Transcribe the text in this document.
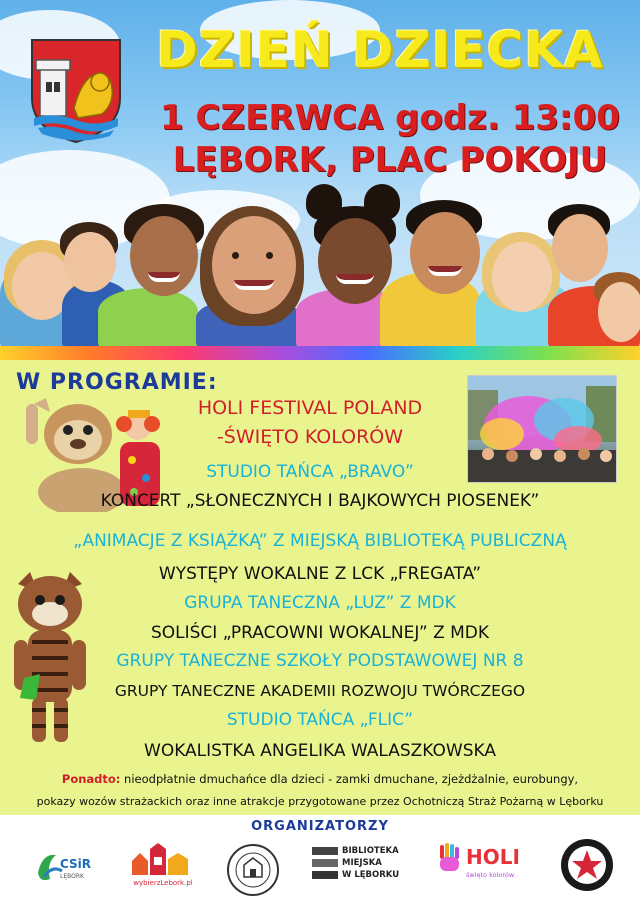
DZIEŃ DZIECKA
1 CZERWCA godz. 13:00
LĘBORK, PLAC POKOJU
W PROGRAMIE:
HOLI FESTIVAL POLAND
-ŚWIĘTO KOLORÓW
STUDIO TAŃCA „BRAVO”
KONCERT „SŁONECZNYCH I BAJKOWYCH PIOSENEK”
„ANIMACJE Z KSIĄŻKĄ” Z MIEJSKĄ BIBLIOTEKĄ PUBLICZNĄ
WYSTĘPY WOKALNE Z LCK „FREGATA”
GRUPA TANECZNA „LUZ” Z MDK
SOLIŚCI „PRACOWNI WOKALNEJ” Z MDK
GRUPY TANECZNE SZKOŁY PODSTAWOWEJ NR 8
GRUPY TANECZNE AKADEMII ROZWOJU TWÓRCZEGO
STUDIO TAŃCA „FLIC”
WOKALISTKA ANGELIKA WALASZKOWSKA
Ponadto: nieodpłatnie dmuchańce dla dzieci - zamki dmuchane, zjeżdżalnie, eurobungy,
pokazy wozów strażackich oraz inne atrakcje przygotowane przez Ochotniczą Straż Pożarną w Lęborku
ORGANIZATORZY
CSiR
LĘBORK
wybierzLebork.pl
BIBLIOTEKA
MIEJSKA
W LĘBORKU
HOLI
święto kolorów
